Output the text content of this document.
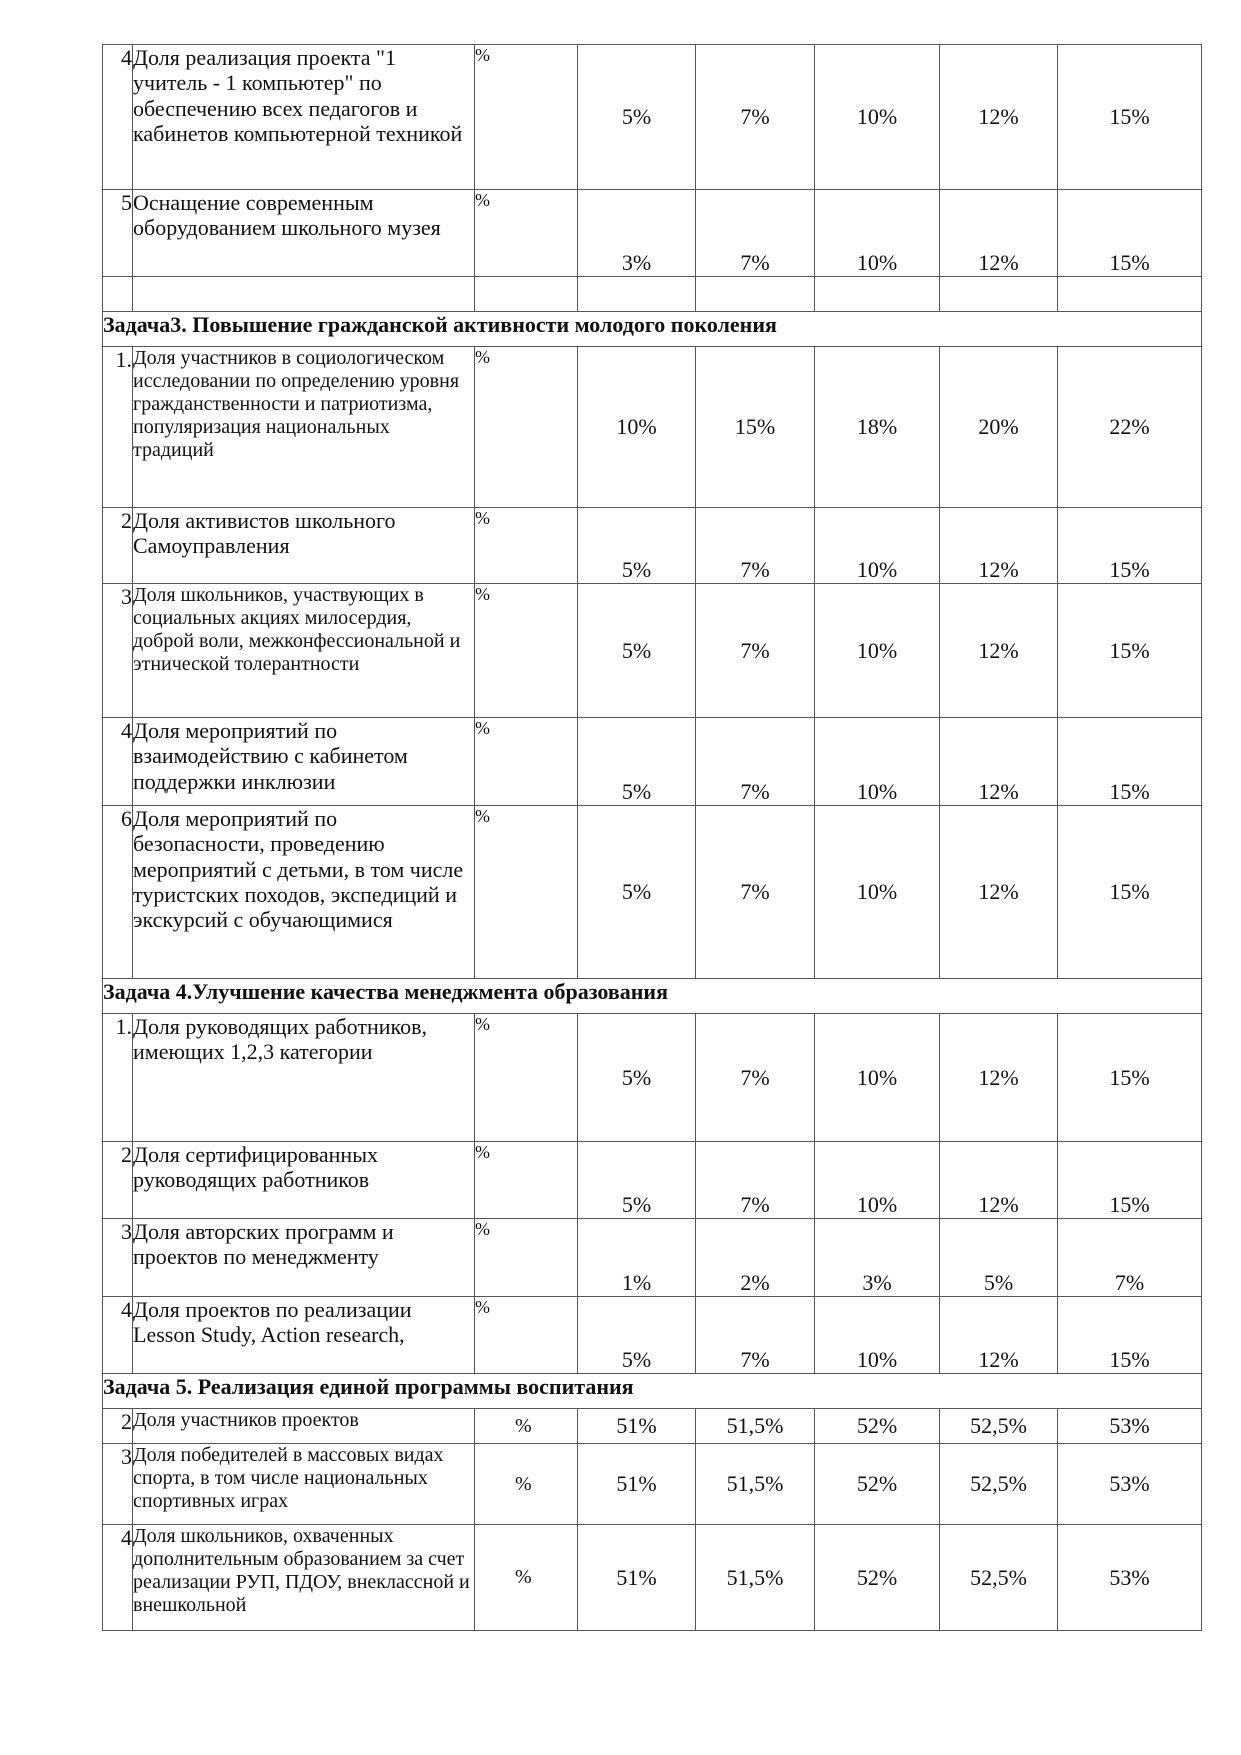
4	Доля реализация проекта "1 учитель - 1 компьютер" по обеспечению всех педагогов и кабинетов компьютерной техникой	%	5%	7%	10%	12%	15%
5	Оснащение современным оборудованием школьного музея	%	3%	7%	10%	12%	15%

Задача3. Повышение гражданской активности молодого поколения							
1.	Доля участников в социологическом исследовании по определению уровня гражданственности и патриотизма, популяризация национальных традиций	%	10%	15%	18%	20%	22%
2	Доля активистов школьного Самоуправления	%	5%	7%	10%	12%	15%
3	Доля школьников, участвующих в социальных акциях милосердия, доброй воли, межконфессиональной и этнической толерантности	%	5%	7%	10%	12%	15%
4	Доля мероприятий по взаимодействию с кабинетом поддержки инклюзии	%	5%	7%	10%	12%	15%
6	Доля мероприятий по безопасности, проведению мероприятий с детьми, в том числе туристских походов, экспедиций и экскурсий с обучающимися	%	5%	7%	10%	12%	15%
Задача 4.Улучшение качества менеджмента образования							
1.	Доля руководящих работников, имеющих 1,2,3 категории	%	5%	7%	10%	12%	15%
2	Доля сертифицированных руководящих работников	%	5%	7%	10%	12%	15%
3	Доля авторских программ и проектов по менеджменту	%	1%	2%	3%	5%	7%
4	Доля проектов по реализации Lesson Study, Action research,	%	5%	7%	10%	12%	15%
Задача 5. Реализация единой программы воспитания							
2	Доля участников проектов	%	51%	51,5%	52%	52,5%	53%
3	Доля победителей в массовых видах спорта, в том числе национальных спортивных играх	%	51%	51,5%	52%	52,5%	53%
4	Доля школьников, охваченных дополнительным образованием за счет реализации РУП, ПДОУ, внеклассной и внешкольной	%	51%	51,5%	52%	52,5%	53%
